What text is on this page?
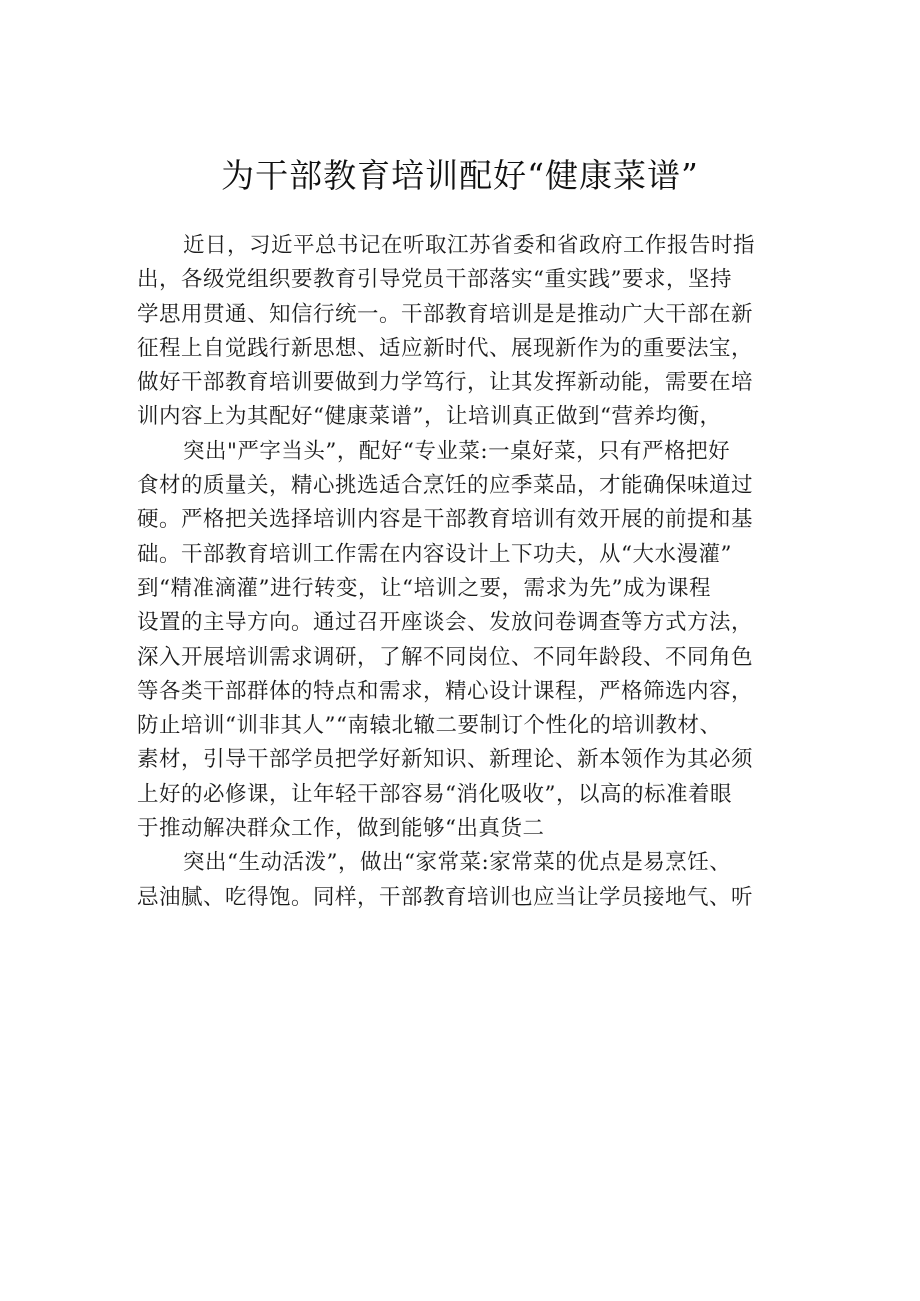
为干部教育培训配好“健康菜谱”
近日，习近平总书记在听取江苏省委和省政府工作报告时指
出，各级党组织要教育引导党员干部落实“重实践”要求，坚持
学思用贯通、知信行统一。干部教育培训是是推动广大干部在新
征程上自觉践行新思想、适应新时代、展现新作为的重要法宝，
做好干部教育培训要做到力学笃行，让其发挥新动能，需要在培
训内容上为其配好“健康菜谱”，让培训真正做到“营养均衡，
突出"严字当头”，配好“专业菜:一桌好菜，只有严格把好
食材的质量关，精心挑选适合烹饪的应季菜品，才能确保味道过
硬。严格把关选择培训内容是干部教育培训有效开展的前提和基
础。干部教育培训工作需在内容设计上下功夫，从“大水漫灌”
到“精准滴灌”进行转变，让“培训之要，需求为先”成为课程
设置的主导方向。通过召开座谈会、发放问卷调查等方式方法，
深入开展培训需求调研，了解不同岗位、不同年龄段、不同角色
等各类干部群体的特点和需求，精心设计课程，严格筛选内容，
防止培训“训非其人”“南辕北辙二要制订个性化的培训教材、
素材，引导干部学员把学好新知识、新理论、新本领作为其必须
上好的必修课，让年轻干部容易“消化吸收”，以高的标准着眼
于推动解决群众工作，做到能够“出真货二
突出“生动活泼”，做出“家常菜:家常菜的优点是易烹饪、
忌油腻、吃得饱。同样，干部教育培训也应当让学员接地气、听
